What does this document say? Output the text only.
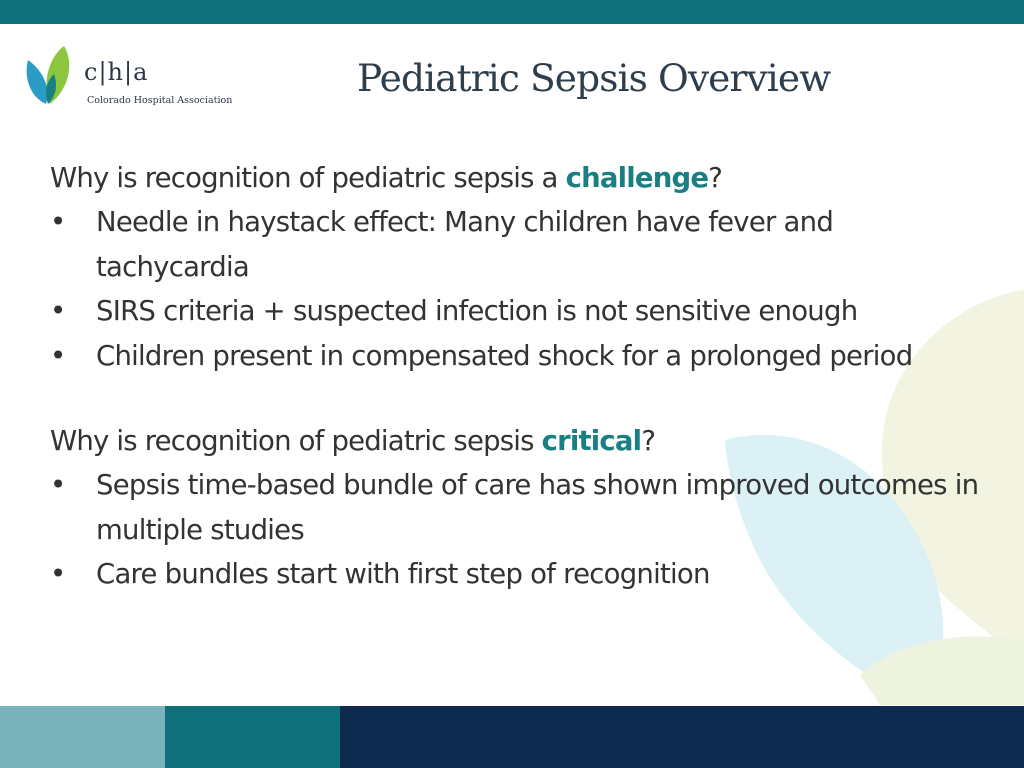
c|h|a
Colorado Hospital Association
Pediatric Sepsis Overview
Why is recognition of pediatric sepsis a challenge?
• Needle in haystack effect: Many children have fever and tachycardia
• SIRS criteria + suspected infection is not sensitive enough
• Children present in compensated shock for a prolonged period
Why is recognition of pediatric sepsis critical?
• Sepsis time-based bundle of care has shown improved outcomes in multiple studies
• Care bundles start with first step of recognition
